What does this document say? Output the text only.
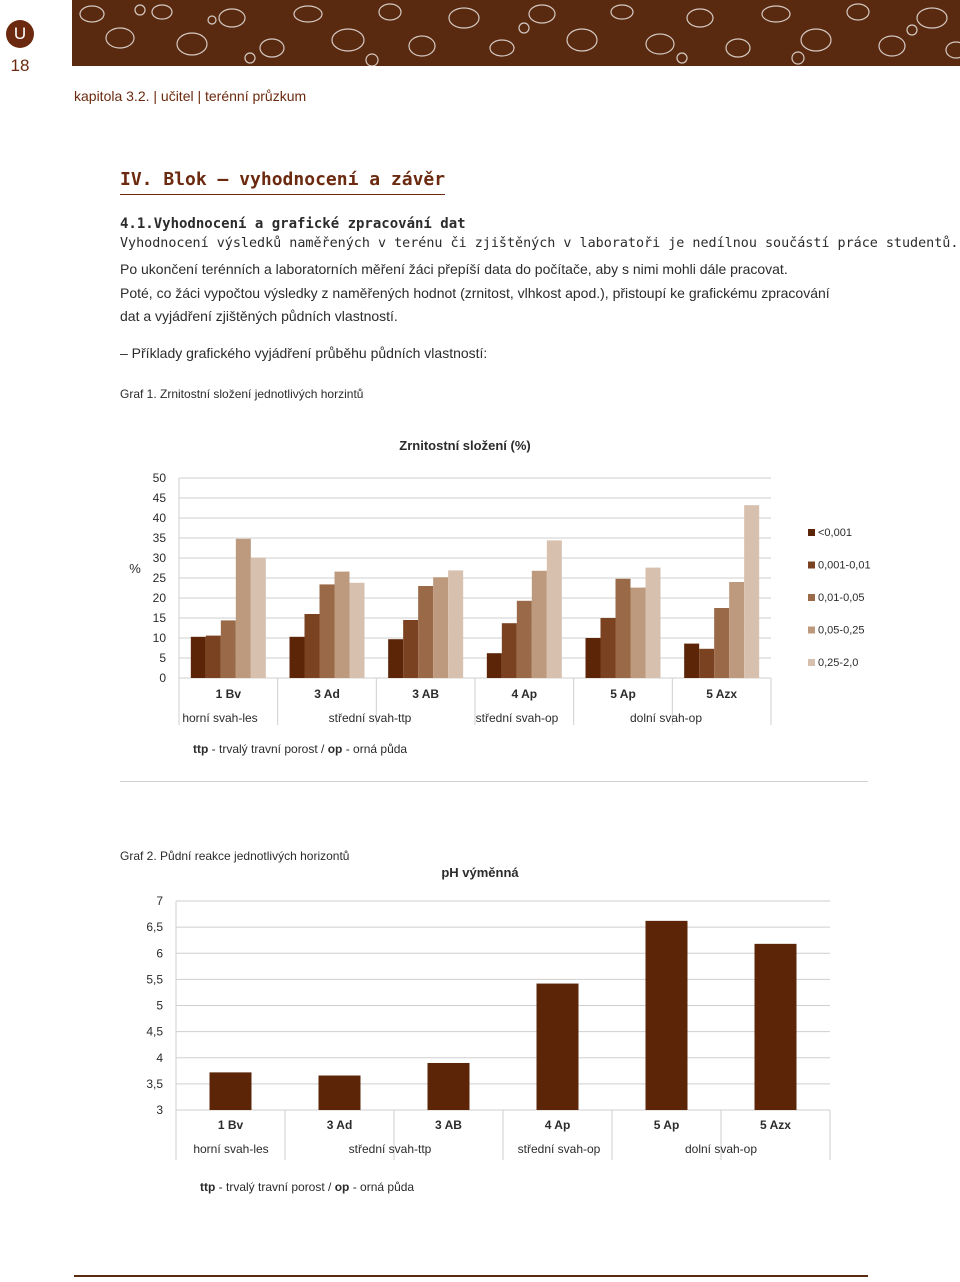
U
18
kapitola 3.2. | učitel | terénní průzkum
IV. Blok – vyhodnocení a závěr
4.1.Vyhodnocení a grafické zpracování dat
Vyhodnocení výsledků naměřených v terénu či zjištěných v laboratoři je nedílnou součástí práce studentů.

Po ukončení terénních a laboratorních měření žáci přepíší data do počítače, aby s nimi mohli dále pracovat.

Poté, co žáci vypočtou výsledky z naměřených hodnot (zrnitost, vlhkost apod.), přistoupí ke grafickému zpracování

dat a vyjádření zjištěných půdních vlastností.

– Příklady grafického vyjádření průběhu půdních vlastností:
Graf 1. Zrnitostní složení jednotlivých horzintů
Zrnitostní složení (%)
0
5
10
15
20
25
30
35
40
45
50
%
1 Bv	3 Ad	3 AB	4 Ap	5 Ap	5 Azx
horní svah-les	střední svah-ttp	střední svah-op	dolní svah-op
<0,001
0,001-0,01
0,01-0,05
0,05-0,25
0,25-2,0
ttp - trvalý travní porost / op - orná půda
Graf 2. Půdní reakce jednotlivých horizontů
pH výměnná
3
3,5
4
4,5
5
5,5
6
6,5
7
1 Bv	3 Ad	3 AB	4 Ap	5 Ap	5 Azx
horní svah-les	střední svah-ttp	střední svah-op	dolní svah-op
ttp - trvalý travní porost / op - orná půda
